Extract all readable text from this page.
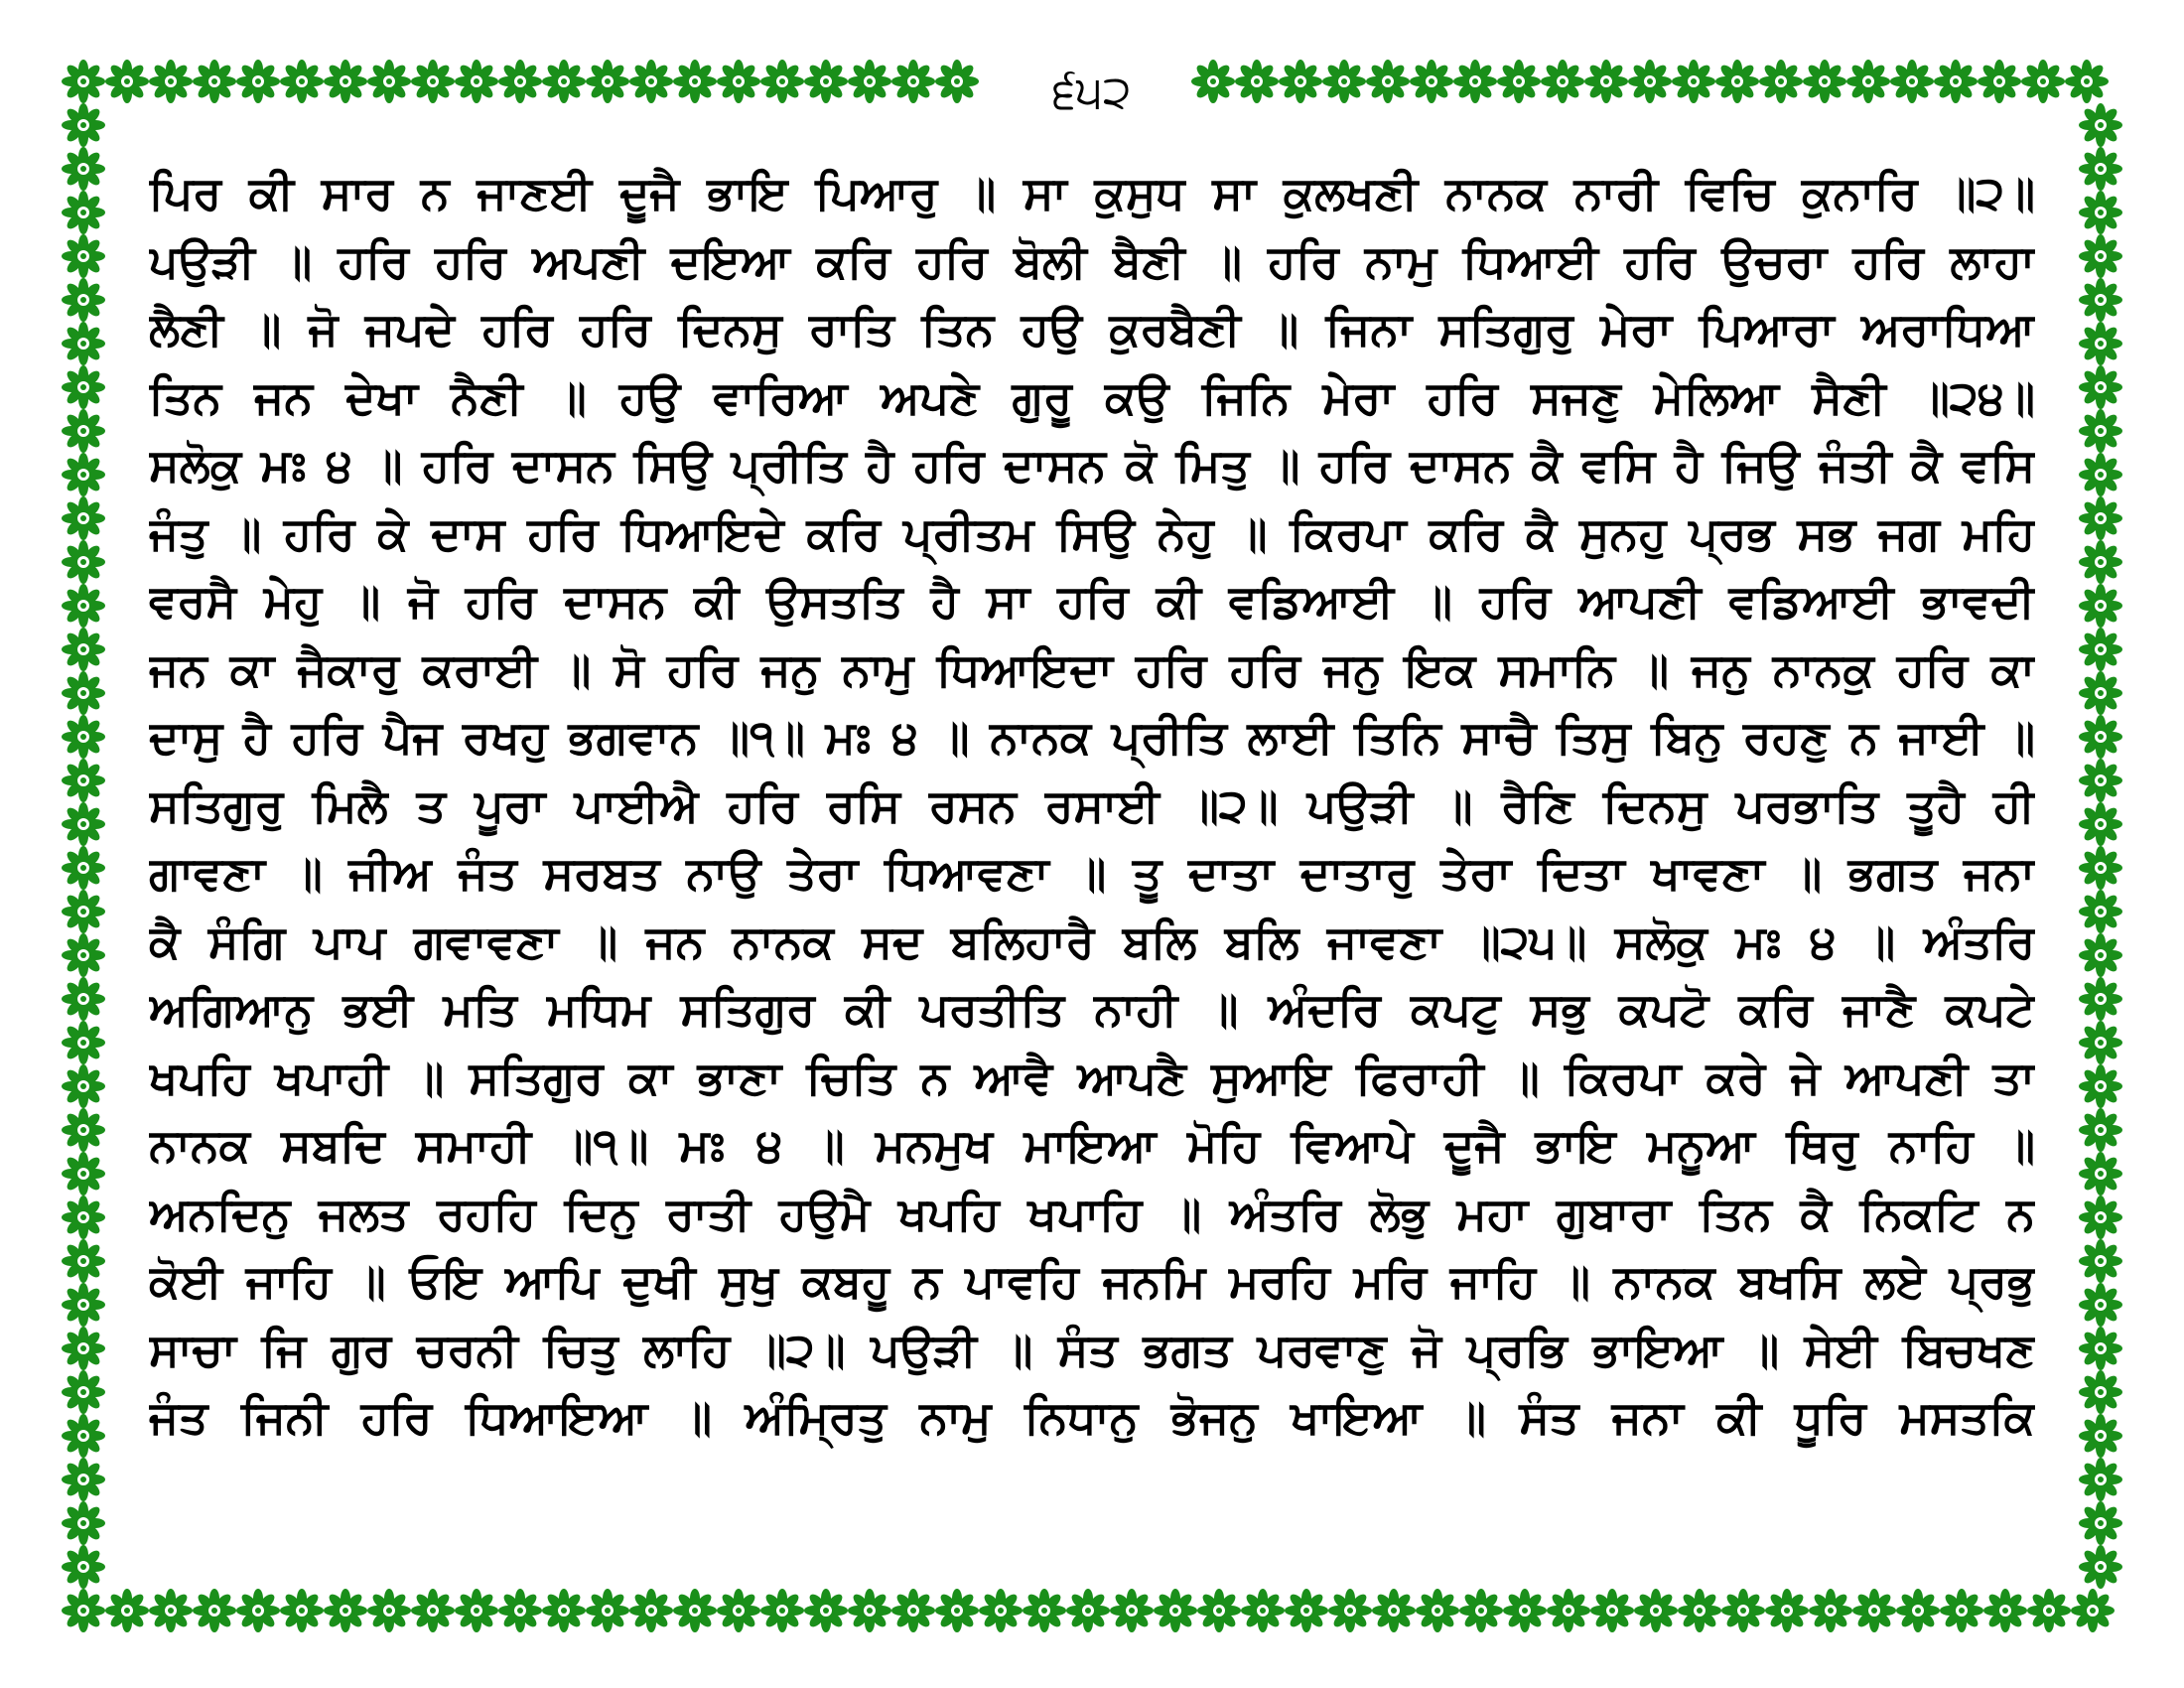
੬੫੨
ਪਿਰ ਕੀ ਸਾਰ ਨ ਜਾਣਈ ਦੂਜੈ ਭਾਇ ਪਿਆਰੁ ॥ ਸਾ ਕੁਸੁਧ ਸਾ ਕੁਲਖਣੀ ਨਾਨਕ ਨਾਰੀ ਵਿਚਿ ਕੁਨਾਰਿ ॥੨॥
ਪਉੜੀ ॥ ਹਰਿ ਹਰਿ ਅਪਣੀ ਦਇਆ ਕਰਿ ਹਰਿ ਬੋਲੀ ਬੈਣੀ ॥ ਹਰਿ ਨਾਮੁ ਧਿਆਈ ਹਰਿ ਉਚਰਾ ਹਰਿ ਲਾਹਾ
ਲੈਣੀ ॥ ਜੋ ਜਪਦੇ ਹਰਿ ਹਰਿ ਦਿਨਸੁ ਰਾਤਿ ਤਿਨ ਹਉ ਕੁਰਬੈਣੀ ॥ ਜਿਨਾ ਸਤਿਗੁਰੁ ਮੇਰਾ ਪਿਆਰਾ ਅਰਾਧਿਆ
ਤਿਨ ਜਨ ਦੇਖਾ ਨੈਣੀ ॥ ਹਉ ਵਾਰਿਆ ਅਪਣੇ ਗੁਰੂ ਕਉ ਜਿਨਿ ਮੇਰਾ ਹਰਿ ਸਜਣੁ ਮੇਲਿਆ ਸੈਣੀ ॥੨੪॥
ਸਲੋਕੁ ਮਃ ੪ ॥ ਹਰਿ ਦਾਸਨ ਸਿਉ ਪ੍ਰੀਤਿ ਹੈ ਹਰਿ ਦਾਸਨ ਕੋ ਮਿਤੁ ॥ ਹਰਿ ਦਾਸਨ ਕੈ ਵਸਿ ਹੈ ਜਿਉ ਜੰਤੀ ਕੈ ਵਸਿ
ਜੰਤੁ ॥ ਹਰਿ ਕੇ ਦਾਸ ਹਰਿ ਧਿਆਇਦੇ ਕਰਿ ਪ੍ਰੀਤਮ ਸਿਉ ਨੇਹੁ ॥ ਕਿਰਪਾ ਕਰਿ ਕੈ ਸੁਨਹੁ ਪ੍ਰਭ ਸਭ ਜਗ ਮਹਿ
ਵਰਸੈ ਮੇਹੁ ॥ ਜੋ ਹਰਿ ਦਾਸਨ ਕੀ ਉਸਤਤਿ ਹੈ ਸਾ ਹਰਿ ਕੀ ਵਡਿਆਈ ॥ ਹਰਿ ਆਪਣੀ ਵਡਿਆਈ ਭਾਵਦੀ
ਜਨ ਕਾ ਜੈਕਾਰੁ ਕਰਾਈ ॥ ਸੋ ਹਰਿ ਜਨੁ ਨਾਮੁ ਧਿਆਇਦਾ ਹਰਿ ਹਰਿ ਜਨੁ ਇਕ ਸਮਾਨਿ ॥ ਜਨੁ ਨਾਨਕੁ ਹਰਿ ਕਾ
ਦਾਸੁ ਹੈ ਹਰਿ ਪੈਜ ਰਖਹੁ ਭਗਵਾਨ ॥੧॥ ਮਃ ੪ ॥ ਨਾਨਕ ਪ੍ਰੀਤਿ ਲਾਈ ਤਿਨਿ ਸਾਚੈ ਤਿਸੁ ਬਿਨੁ ਰਹਣੁ ਨ ਜਾਈ ॥
ਸਤਿਗੁਰੁ ਮਿਲੈ ਤ ਪੂਰਾ ਪਾਈਐ ਹਰਿ ਰਸਿ ਰਸਨ ਰਸਾਈ ॥੨॥ ਪਉੜੀ ॥ ਰੈਣਿ ਦਿਨਸੁ ਪਰਭਾਤਿ ਤੂਹੈ ਹੀ
ਗਾਵਣਾ ॥ ਜੀਅ ਜੰਤ ਸਰਬਤ ਨਾਉ ਤੇਰਾ ਧਿਆਵਣਾ ॥ ਤੂ ਦਾਤਾ ਦਾਤਾਰੁ ਤੇਰਾ ਦਿਤਾ ਖਾਵਣਾ ॥ ਭਗਤ ਜਨਾ
ਕੈ ਸੰਗਿ ਪਾਪ ਗਵਾਵਣਾ ॥ ਜਨ ਨਾਨਕ ਸਦ ਬਲਿਹਾਰੈ ਬਲਿ ਬਲਿ ਜਾਵਣਾ ॥੨੫॥ ਸਲੋਕੁ ਮਃ ੪ ॥ ਅੰਤਰਿ
ਅਗਿਆਨੁ ਭਈ ਮਤਿ ਮਧਿਮ ਸਤਿਗੁਰ ਕੀ ਪਰਤੀਤਿ ਨਾਹੀ ॥ ਅੰਦਰਿ ਕਪਟੁ ਸਭੁ ਕਪਟੋ ਕਰਿ ਜਾਣੈ ਕਪਟੇ
ਖਪਹਿ ਖਪਾਹੀ ॥ ਸਤਿਗੁਰ ਕਾ ਭਾਣਾ ਚਿਤਿ ਨ ਆਵੈ ਆਪਣੈ ਸੁਆਇ ਫਿਰਾਹੀ ॥ ਕਿਰਪਾ ਕਰੇ ਜੇ ਆਪਣੀ ਤਾ
ਨਾਨਕ ਸਬਦਿ ਸਮਾਹੀ ॥੧॥ ਮਃ ੪ ॥ ਮਨਮੁਖ ਮਾਇਆ ਮੋਹਿ ਵਿਆਪੇ ਦੂਜੈ ਭਾਇ ਮਨੂਆ ਥਿਰੁ ਨਾਹਿ ॥
ਅਨਦਿਨੁ ਜਲਤ ਰਹਹਿ ਦਿਨੁ ਰਾਤੀ ਹਉਮੈ ਖਪਹਿ ਖਪਾਹਿ ॥ ਅੰਤਰਿ ਲੋਭੁ ਮਹਾ ਗੁਬਾਰਾ ਤਿਨ ਕੈ ਨਿਕਟਿ ਨ
ਕੋਈ ਜਾਹਿ ॥ ਓਇ ਆਪਿ ਦੁਖੀ ਸੁਖੁ ਕਬਹੂ ਨ ਪਾਵਹਿ ਜਨਮਿ ਮਰਹਿ ਮਰਿ ਜਾਹਿ ॥ ਨਾਨਕ ਬਖਸਿ ਲਏ ਪ੍ਰਭੁ
ਸਾਚਾ ਜਿ ਗੁਰ ਚਰਨੀ ਚਿਤੁ ਲਾਹਿ ॥੨॥ ਪਉੜੀ ॥ ਸੰਤ ਭਗਤ ਪਰਵਾਣੁ ਜੋ ਪ੍ਰਭਿ ਭਾਇਆ ॥ ਸੇਈ ਬਿਚਖਣ
ਜੰਤ ਜਿਨੀ ਹਰਿ ਧਿਆਇਆ ॥ ਅੰਮ੍ਰਿਤੁ ਨਾਮੁ ਨਿਧਾਨੁ ਭੋਜਨੁ ਖਾਇਆ ॥ ਸੰਤ ਜਨਾ ਕੀ ਧੂਰਿ ਮਸਤਕਿ
